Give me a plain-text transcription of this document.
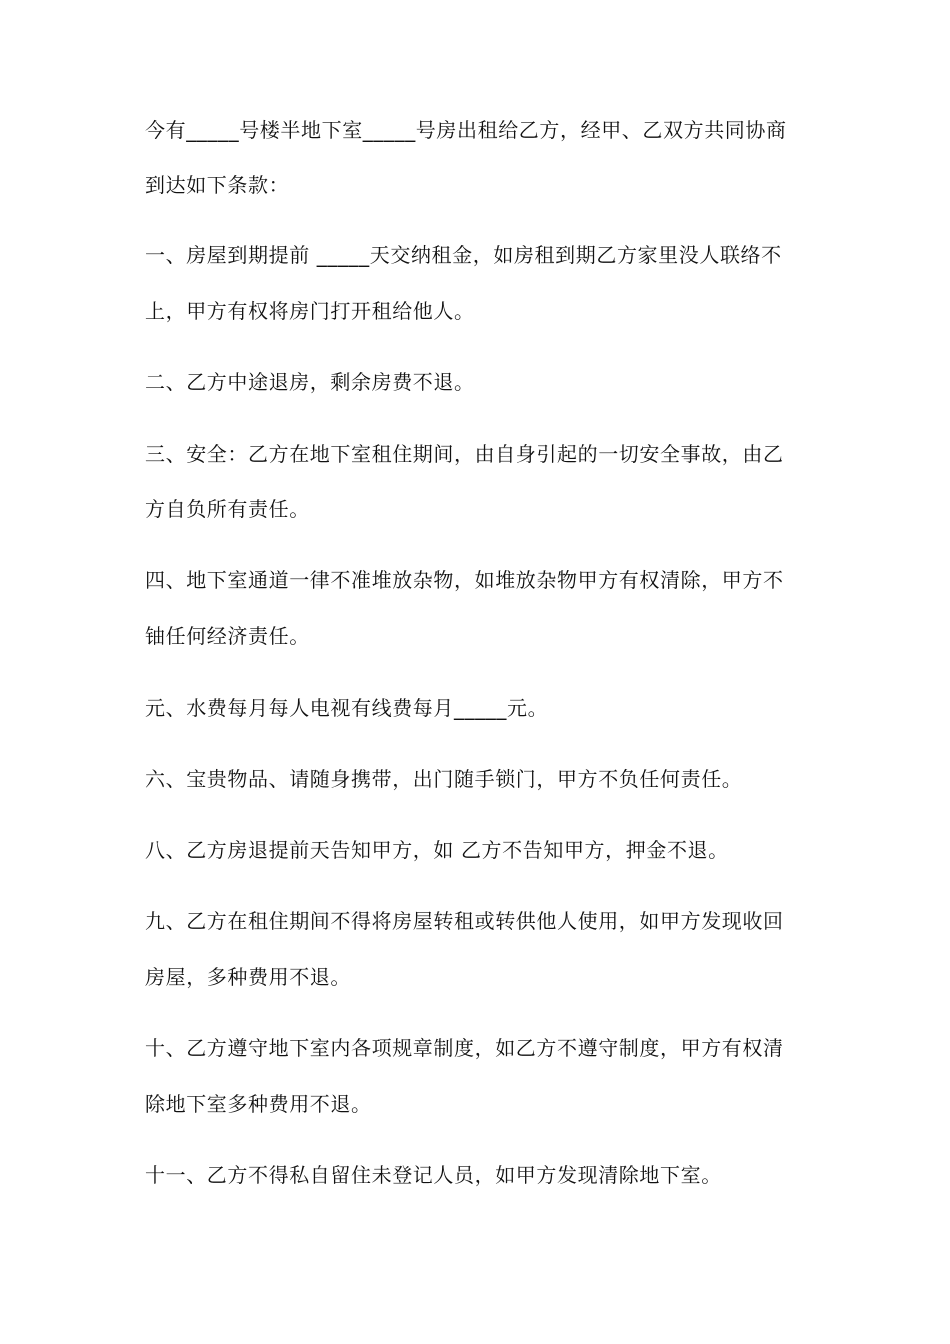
今有_____号楼半地下室_____号房出租给乙方，经甲、乙双方共同协商
到达如下条款：
一、房屋到期提前 _____天交纳租金，如房租到期乙方家里没人联络不
上，甲方有权将房门打开租给他人。
二、乙方中途退房，剩余房费不退。
三、安全：乙方在地下室租住期间，由自身引起的一切安全事故，由乙
方自负所有责任。
四、地下室通道一律不准堆放杂物，如堆放杂物甲方有权清除，甲方不
铀任何经济责任。
元、水费每月每人电视有线费每月_____元。
六、宝贵物品、请随身携带，出门随手锁门，甲方不负任何责任。
八、乙方房退提前天告知甲方，如 乙方不告知甲方，押金不退。
九、乙方在租住期间不得将房屋转租或转供他人使用，如甲方发现收回
房屋，多种费用不退。
十、乙方遵守地下室内各项规章制度，如乙方不遵守制度，甲方有权清
除地下室多种费用不退。
十一、乙方不得私自留住未登记人员，如甲方发现清除地下室。
